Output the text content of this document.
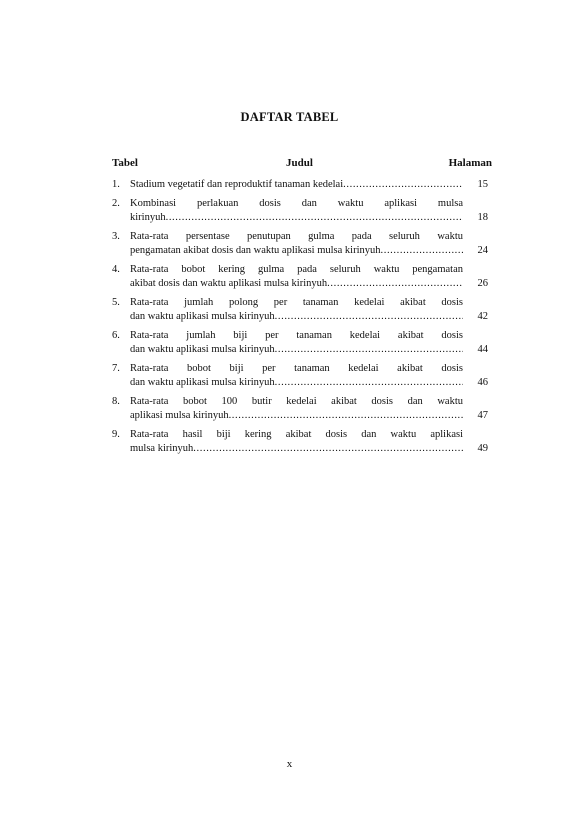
DAFTAR TABEL
Tabel	Judul	Halaman
1. Stadium vegetatif dan reproduktif tanaman kedelai .....	15
2. Kombinasi perlakuan dosis dan waktu aplikasi mulsa
kirinyuh .....	18
3. Rata-rata persentase penutupan gulma pada seluruh waktu
pengamatan akibat dosis dan waktu aplikasi mulsa kirinyuh .....	24
4. Rata-rata bobot kering gulma pada seluruh waktu pengamatan
akibat dosis dan waktu aplikasi mulsa kirinyuh .....	26
5. Rata-rata jumlah polong per tanaman kedelai akibat dosis
dan waktu aplikasi mulsa kirinyuh .....	42
6. Rata-rata jumlah biji per tanaman kedelai akibat dosis
dan waktu aplikasi mulsa kirinyuh .....	44
7. Rata-rata bobot biji per tanaman kedelai akibat dosis
dan waktu aplikasi mulsa kirinyuh .....	46
8. Rata-rata bobot 100 butir kedelai akibat dosis dan waktu
aplikasi mulsa kirinyuh .....	47
9. Rata-rata hasil biji kering akibat dosis dan waktu aplikasi
mulsa kirinyuh .....	49
x
